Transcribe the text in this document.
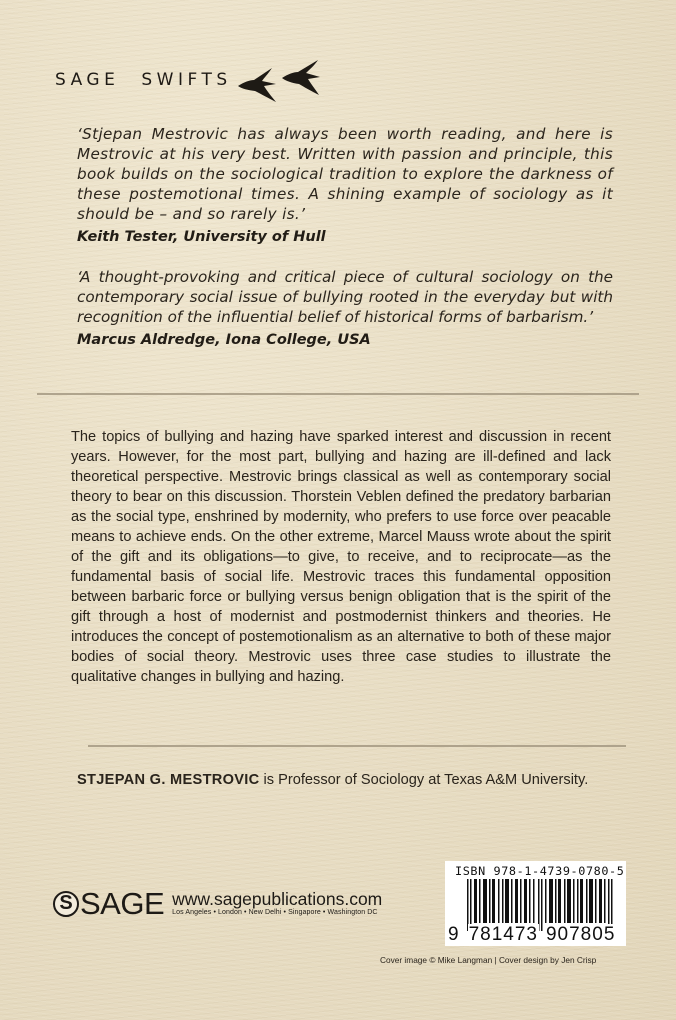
SAGE SWIFTS

‘Stjepan Mestrovic has always been worth reading, and here is Mestrovic at his very best. Written with passion and principle, this book builds on the sociological tradition to explore the darkness of these postemotional times. A shining example of sociology as it should be – and so rarely is.’

Keith Tester, University of Hull

‘A thought-provoking and critical piece of cultural sociology on the contemporary social issue of bullying rooted in the everyday but with recognition of the influential belief of historical forms of barbarism.’

Marcus Aldredge, Iona College, USA

The topics of bullying and hazing have sparked interest and discussion in recent years. However, for the most part, bullying and hazing are ill-defined and lack theoretical perspective. Mestrovic brings classical as well as contemporary social theory to bear on this discussion. Thorstein Veblen defined the predatory barbarian as the social type, enshrined by modernity, who prefers to use force over peacable means to achieve ends. On the other extreme, Marcel Mauss wrote about the spirit of the gift and its obligations—to give, to receive, and to reciprocate—as the fundamental basis of social life. Mestrovic traces this fundamental opposition between barbaric force or bullying versus benign obligation that is the spirit of the gift through a host of modernist and postmodernist thinkers and theories. He introduces the concept of postemotionalism as an alternative to both of these major bodies of social theory. Mestrovic uses three case studies to illustrate the qualitative changes in bullying and hazing.

STJEPAN G. MESTROVIC is Professor of Sociology at Texas A&M University.

S SAGE www.sagepublications.com
Los Angeles • London • New Delhi • Singapore • Washington DC
ISBN 978-1-4739-0780-5
9 781473 907805

Cover image © Mike Langman | Cover design by Jen Crisp
